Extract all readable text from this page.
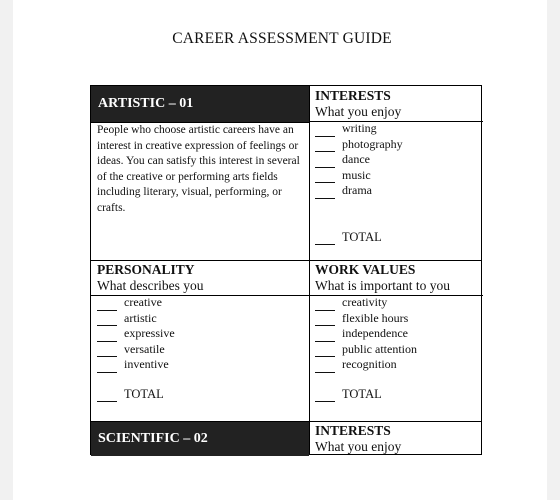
CAREER ASSESSMENT GUIDE
ARTISTIC – 01
People who choose artistic careers have an interest in creative expression of feelings or ideas. You can satisfy this interest in several of the creative or performing arts fields including literary, visual, performing, or crafts.
INTERESTS
What you enjoy
writing
photography
dance
music
drama
TOTAL
PERSONALITY
What describes you
creative
artistic
expressive
versatile
inventive
TOTAL
WORK VALUES
What is important to you
creativity
flexible hours
independence
public attention
recognition
TOTAL
SCIENTIFIC – 02
INTERESTS
What you enjoy
